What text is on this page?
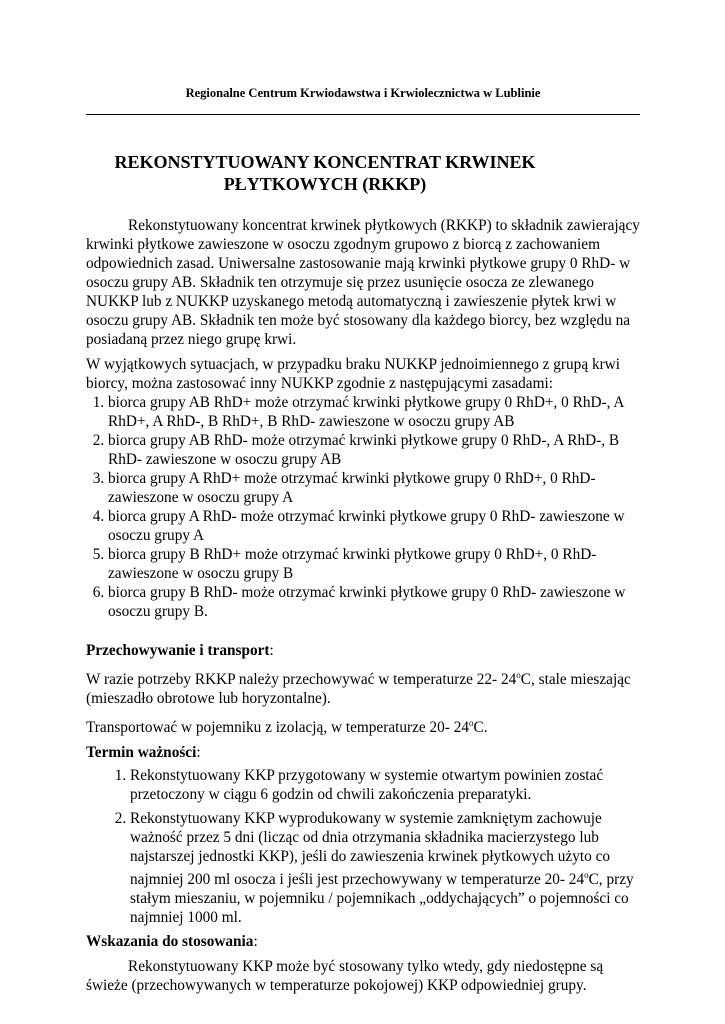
Regionalne Centrum Krwiodawstwa i Krwiolecznictwa w Lublinie
REKONSTYTUOWANY KONCENTRAT KRWINEK
PŁYTKOWYCH (RKKP)

Rekonstytuowany koncentrat krwinek płytkowych (RKKP) to składnik zawierający krwinki płytkowe zawieszone w osoczu zgodnym grupowo z biorcą z zachowaniem odpowiednich zasad. Uniwersalne zastosowanie mają krwinki płytkowe grupy 0 RhD- w osoczu grupy AB. Składnik ten otrzymuje się przez usunięcie osocza ze zlewanego NUKKP lub z NUKKP uzyskanego metodą automatyczną i zawieszenie płytek krwi w osoczu grupy AB. Składnik ten może być stosowany dla każdego biorcy, bez względu na posiadaną przez niego grupę krwi.

W wyjątkowych sytuacjach, w przypadku braku NUKKP jednoimiennego z grupą krwi biorcy, można zastosować inny NUKKP zgodnie z następującymi zasadami:

1. biorca grupy AB RhD+ może otrzymać krwinki płytkowe grupy 0 RhD+, 0 RhD-, A RhD+, A RhD-, B RhD+, B RhD- zawieszone w osoczu grupy AB
2. biorca grupy AB RhD- może otrzymać krwinki płytkowe grupy 0 RhD-, A RhD-, B RhD- zawieszone w osoczu grupy AB
3. biorca grupy A RhD+ może otrzymać krwinki płytkowe grupy 0 RhD+, 0 RhD- zawieszone w osoczu grupy A
4. biorca grupy A RhD- może otrzymać krwinki płytkowe grupy 0 RhD- zawieszone w osoczu grupy A
5. biorca grupy B RhD+ może otrzymać krwinki płytkowe grupy 0 RhD+, 0 RhD- zawieszone w osoczu grupy B
6. biorca grupy B RhD- może otrzymać krwinki płytkowe grupy 0 RhD- zawieszone w osoczu grupy B.

Przechowywanie i transport:

W razie potrzeby RKKP należy przechowywać w temperaturze 22- 24$^o$C, stale mieszając (mieszadło obrotowe lub horyzontalne).

Transportować w pojemniku z izolacją, w temperaturze 20- 24$^o$C.

Termin ważności:

1. Rekonstytuowany KKP przygotowany w systemie otwartym powinien zostać przetoczony w ciągu 6 godzin od chwili zakończenia preparatyki.
2. Rekonstytuowany KKP wyprodukowany w systemie zamkniętym zachowuje ważność przez 5 dni (licząc od dnia otrzymania składnika macierzystego lub najstarszej jednostki KKP), jeśli do zawieszenia krwinek płytkowych użyto co najmniej 200 ml osocza i jeśli jest przechowywany w temperaturze 20- 24$^o$C, przy stałym mieszaniu, w pojemniku / pojemnikach „oddychających” o pojemności co najmniej 1000 ml.

Wskazania do stosowania:

Rekonstytuowany KKP może być stosowany tylko wtedy, gdy niedostępne są świeże (przechowywanych w temperaturze pokojowej) KKP odpowiedniej grupy.
